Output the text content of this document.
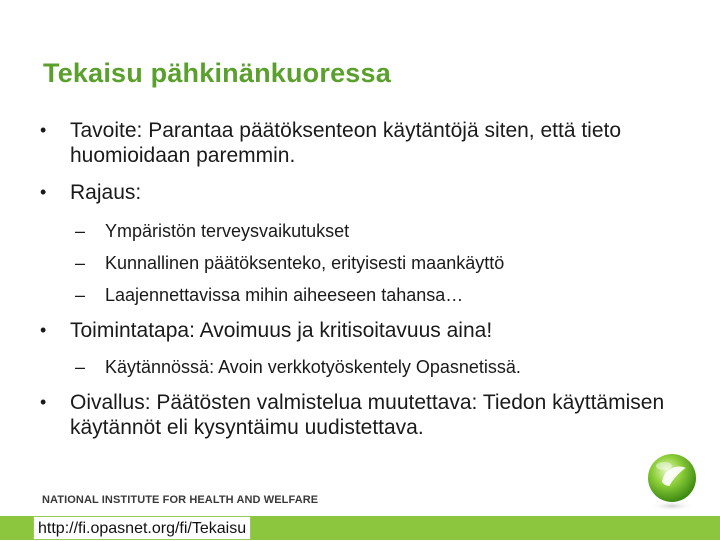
Tekaisu pähkinänkuoressa
•	Tavoite: Parantaa päätöksenteon käytäntöjä siten, että tieto huomioidaan paremmin.
•	Rajaus:
–	Ympäristön terveysvaikutukset
–	Kunnallinen päätöksenteko, erityisesti maankäyttö
–	Laajennettavissa mihin aiheeseen tahansa…
•	Toimintatapa: Avoimuus ja kritisoitavuus aina!
–	Käytännössä: Avoin verkkotyöskentely Opasnetissä.
•	Oivallus: Päätösten valmistelua muutettava: Tiedon käyttämisen käytännöt eli kysyntäimu uudistettava.
NATIONAL INSTITUTE FOR HEALTH AND WELFARE
http://fi.opasnet.org/fi/Tekaisu
